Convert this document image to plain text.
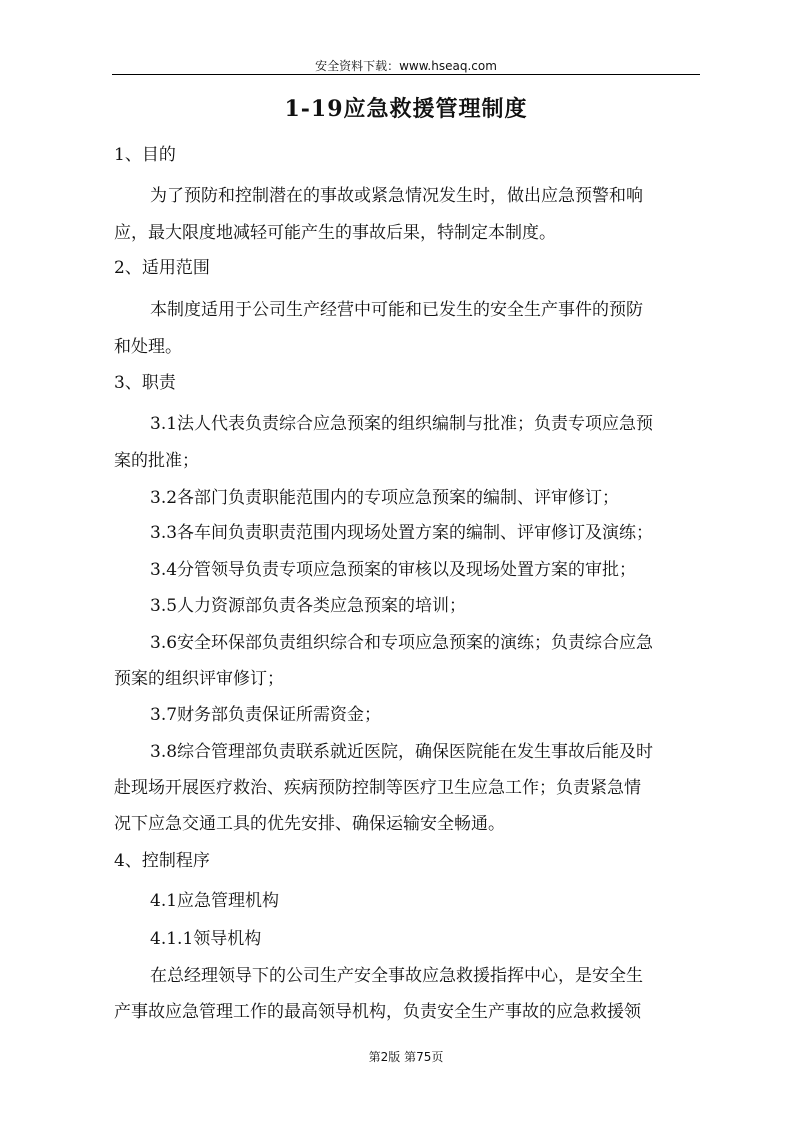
安全资料下载：www.hseaq.com
1-19应急救援管理制度
1、目的
为了预防和控制潜在的事故或紧急情况发生时，做出应急预警和响
应，最大限度地减轻可能产生的事故后果，特制定本制度。
2、适用范围
本制度适用于公司生产经营中可能和已发生的安全生产事件的预防
和处理。
3、职责
3.1法人代表负责综合应急预案的组织编制与批准；负责专项应急预
案的批准；
3.2各部门负责职能范围内的专项应急预案的编制、评审修订；
3.3各车间负责职责范围内现场处置方案的编制、评审修订及演练；
3.4分管领导负责专项应急预案的审核以及现场处置方案的审批；
3.5人力资源部负责各类应急预案的培训；
3.6安全环保部负责组织综合和专项应急预案的演练；负责综合应急
预案的组织评审修订；
3.7财务部负责保证所需资金；
3.8综合管理部负责联系就近医院，确保医院能在发生事故后能及时
赴现场开展医疗救治、疾病预防控制等医疗卫生应急工作；负责紧急情
况下应急交通工具的优先安排、确保运输安全畅通。
4、控制程序
4.1应急管理机构
4.1.1领导机构
在总经理领导下的公司生产安全事故应急救援指挥中心，是安全生
产事故应急管理工作的最高领导机构，负责安全生产事故的应急救援领
第2版 第75页
